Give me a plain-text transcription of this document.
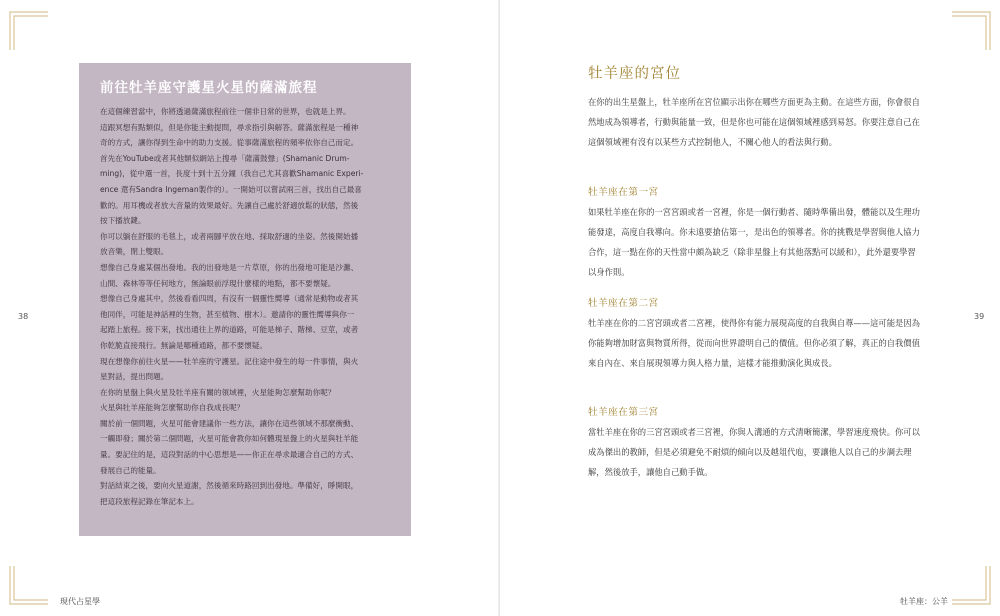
前往牡羊座守護星火星的薩滿旅程

在這個練習當中，你將透過薩滿旅程前往一個非日常的世界，也就是上界。

這跟冥想有點類似，但是你能主動提問，尋求指引與解答。薩滿旅程是一種神

奇的方式，讓你得到生命中的助力支援。從事薩滿旅程的頻率依你自己而定。

首先在YouTube或者其他類似網站上搜尋「薩滿鼓聲」(Shamanic Drum-

ming)，從中選一首，長度十到十五分鐘（我自己尤其喜歡Shamanic Experi-

ence 還有Sandra Ingeman製作的）。一開始可以嘗試兩三首，找出自己最喜

歡的。用耳機或者放大音量的效果最好。先讓自己處於舒適放鬆的狀態，然後

按下播放鍵。

你可以躺在舒服的毛毯上，或者兩腳平放在地、採取舒適的坐姿。然後開始播

放音樂，閉上雙眼。

想像自己身處某個出發地。我的出發地是一片草原，你的出發地可能是沙灘、

山間、森林等等任何地方，無論眼前浮現什麼樣的地點，都不要懷疑。

想像自己身處其中，然後看看四周，有沒有一個靈性嚮導（通常是動物或者其

他同伴，可能是神話裡的生物，甚至植物、樹木）。邀請你的靈性嚮導與你一

起踏上旅程。接下來，找出通往上界的道路，可能是梯子、階梯、豆莖，或者

你乾脆直接飛行。無論是哪種通路，都不要懷疑。

現在想像你前往火星——牡羊座的守護星。記住途中發生的每一件事情，與火

星對話，提出問題。

在你的星盤上與火星及牡羊座有關的領域裡，火星能夠怎麼幫助你呢？

火星與牡羊座能夠怎麼幫助你自我成長呢？

關於前一個問題，火星可能會建議你一些方法，讓你在這些領域不那麼衝動、

一觸即發；關於第二個問題，火星可能會教你如何體現星盤上的火星與牡羊能

量。要記住的是，這段對話的中心思想是——你正在尋求最適合自己的方式、

發展自己的能量。

對話結束之後，要向火星道謝，然後循來時路回到出發地。準備好，睜開眼，

把這段旅程記錄在筆記本上。

38
現代占星學
牡羊座的宮位

在你的出生星盤上，牡羊座所在宮位顯示出你在哪些方面更為主動。在這些方面，你會很自然地成為領導者，行動與能量一致，但是你也可能在這個領域裡感到易怒。你要注意自己在這個領域裡有沒有以某些方式控制他人，不關心他人的看法與行動。

牡羊座在第一宮

如果牡羊座在你的一宮宮頭或者一宮裡，你是一個行動者、隨時準備出發，體能以及生理功能發達，高度自我導向。你未遠要搶佔第一，是出色的領導者。你的挑戰是學習與他人協力合作，這一點在你的天性當中頗為缺乏（除非星盤上有其他落點可以緩和），此外還要學習以身作則。

牡羊座在第二宮

牡羊座在你的二宮宮頭或者二宮裡，使得你有能力展現高度的自我與自尊——這可能是因為你能夠增加財富與物質所得，從而向世界證明自己的價值。但你必須了解，真正的自我價值來自內在、來自展現領導力與人格力量，這樣才能推動演化與成長。

牡羊座在第三宮

當牡羊座在你的三宮宮頭或者三宮裡，你與人溝通的方式清晰簡潔，學習速度飛快。你可以成為傑出的教師，但是必須避免不耐煩的傾向以及越俎代庖，要讓他人以自己的步調去理解，然後放手，讓他自己動手做。

39
牡羊座：公羊
